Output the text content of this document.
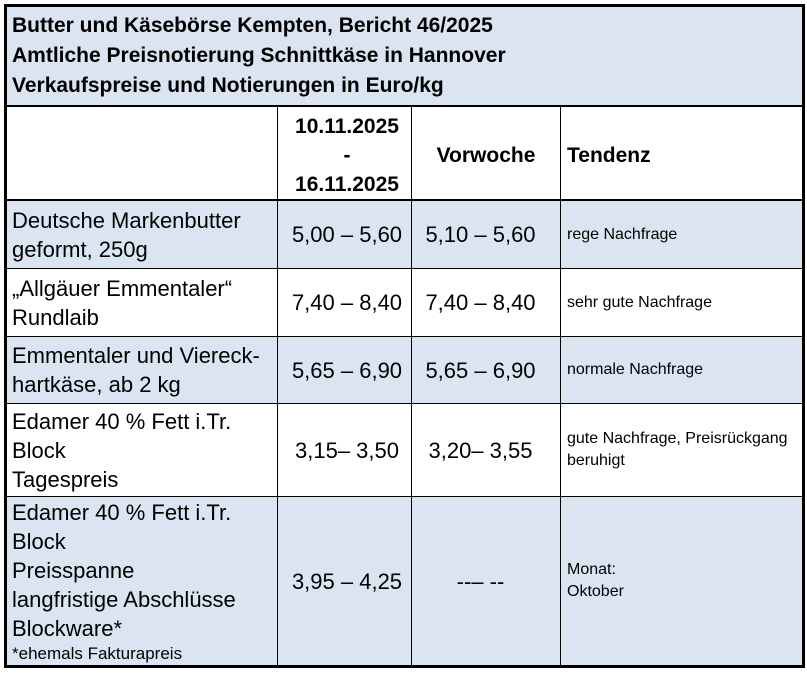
Butter und Käsebörse Kempten, Bericht 46/2025
Amtliche Preisnotierung Schnittkäse in Hannover
Verkaufspreise und Notierungen in Euro/kg
10.11.2025
-
16.11.2025
Vorwoche Tendenz
Deutsche Markenbutter
geformt, 250g
5,00 – 5,60 5,10 – 5,60 rege Nachfrage
„Allgäuer Emmentaler“
Rundlaib
7,40 – 8,40 7,40 – 8,40 sehr gute Nachfrage
Emmentaler und Viereck-
hartkäse, ab 2 kg
5,65 – 6,90 5,65 – 6,90 normale Nachfrage
Edamer 40 % Fett i.Tr.
Block
Tagespreis
3,15– 3,50 3,20– 3,55 gute Nachfrage, Preisrückgang
beruhigt
Edamer 40 % Fett i.Tr.
Block
Preisspanne
langfristige Abschlüsse
Blockware*
*ehemals Fakturapreis
3,95 – 4,25 --– --	Monat:
Oktober
